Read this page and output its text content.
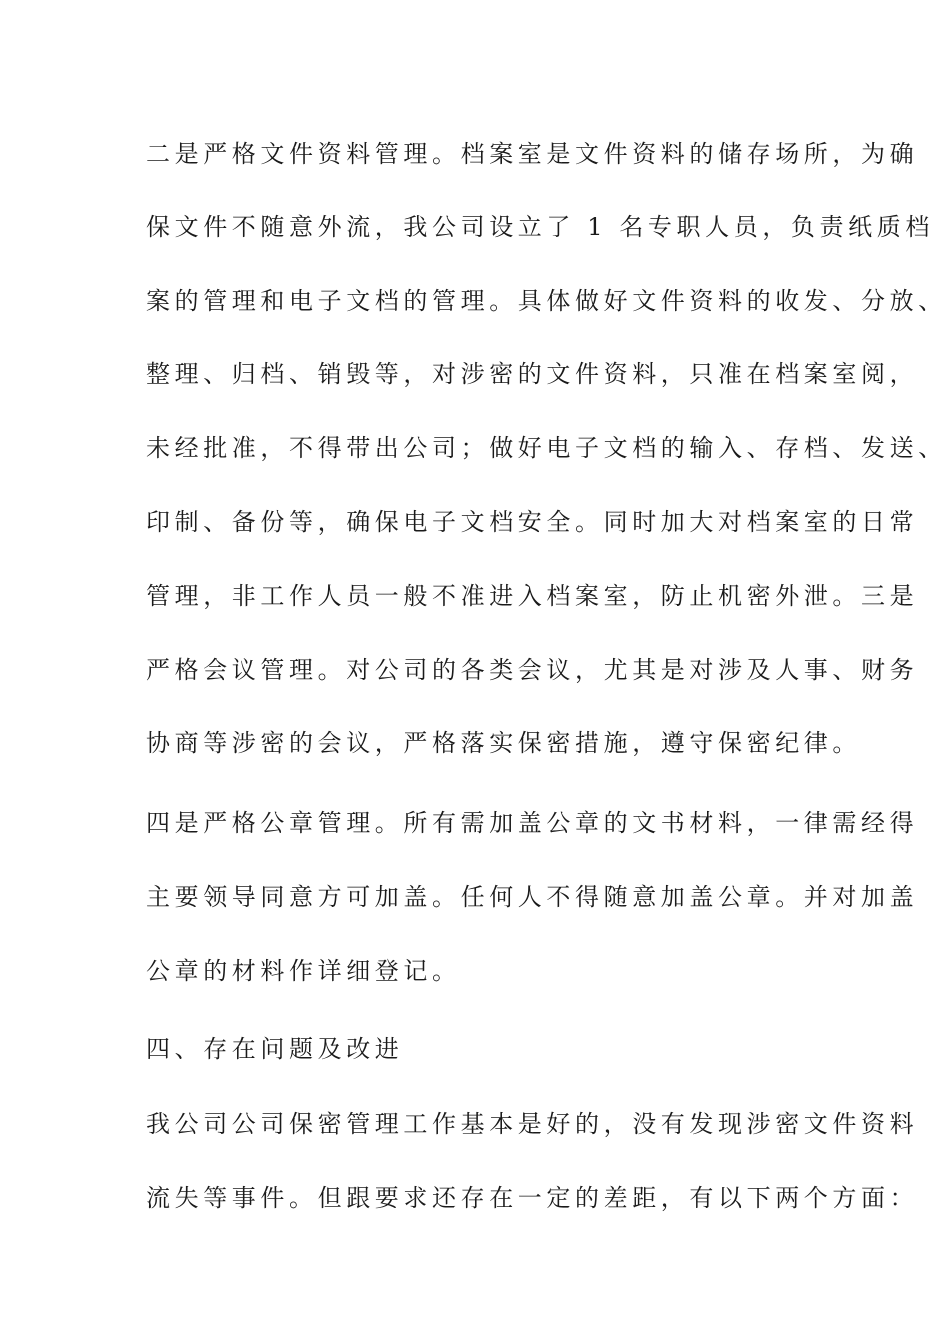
二是严格文件资料管理。档案室是文件资料的储存场所，为确

保文件不随意外流，我公司设立了 1 名专职人员，负责纸质档

案的管理和电子文档的管理。具体做好文件资料的收发、分放、

整理、归档、销毁等，对涉密的文件资料，只准在档案室阅，

未经批准，不得带出公司；做好电子文档的输入、存档、发送、

印制、备份等，确保电子文档安全。同时加大对档案室的日常

管理，非工作人员一般不准进入档案室，防止机密外泄。三是

严格会议管理。对公司的各类会议，尤其是对涉及人事、财务

协商等涉密的会议，严格落实保密措施，遵守保密纪律。

四是严格公章管理。所有需加盖公章的文书材料，一律需经得

主要领导同意方可加盖。任何人不得随意加盖公章。并对加盖

公章的材料作详细登记。

四、存在问题及改进

我公司公司保密管理工作基本是好的，没有发现涉密文件资料

流失等事件。但跟要求还存在一定的差距，有以下两个方面：
